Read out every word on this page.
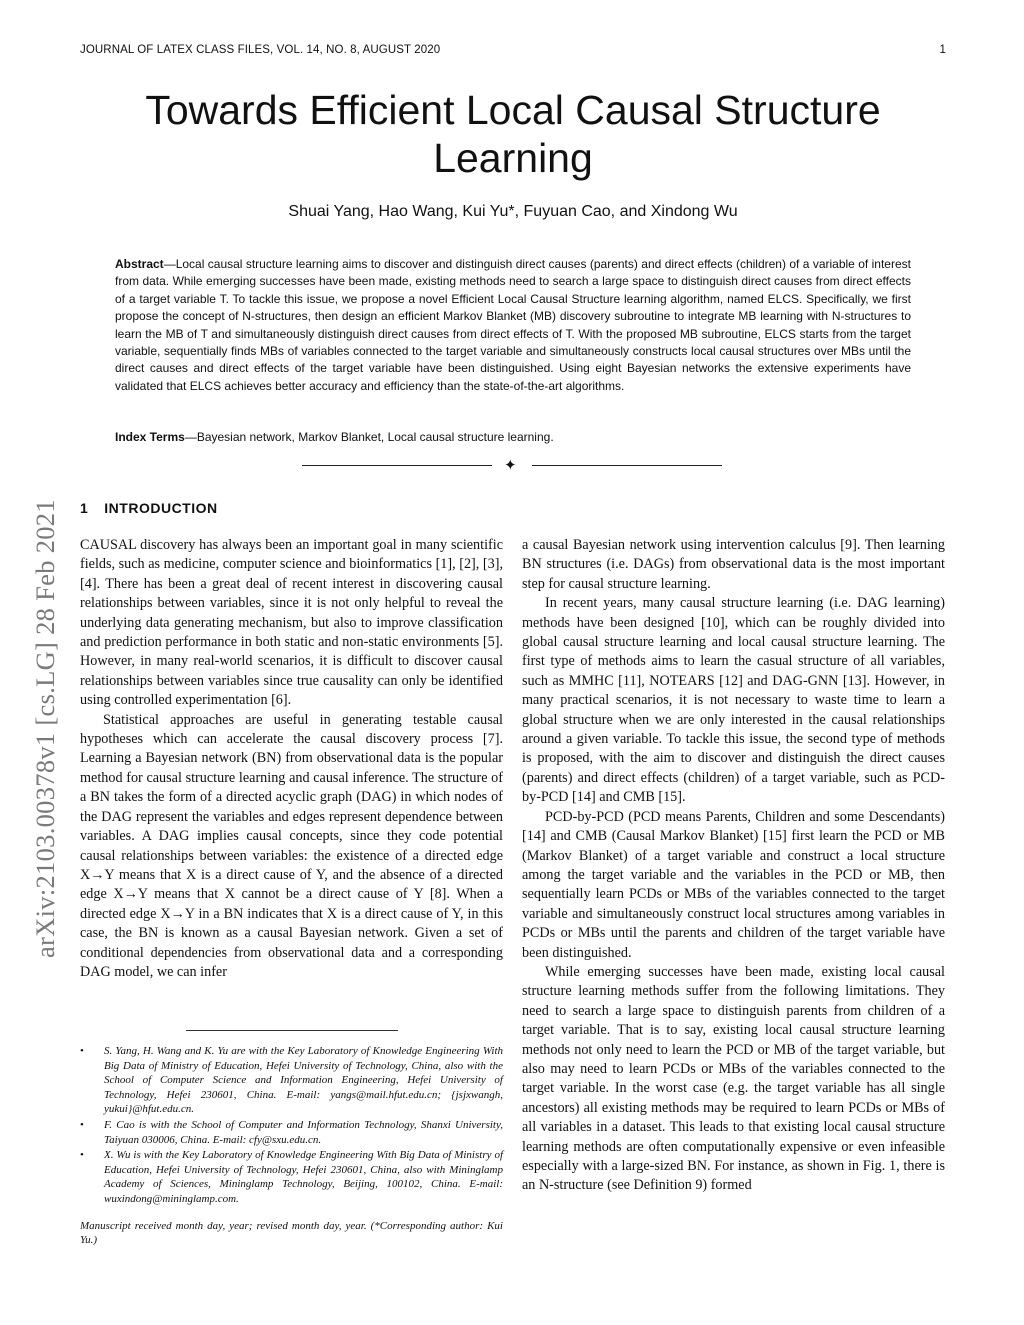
JOURNAL OF LATEX CLASS FILES, VOL. 14, NO. 8, AUGUST 2020	1
arXiv:2103.00378v1 [cs.LG] 28 Feb 2021
Towards Efficient Local Causal Structure Learning
Shuai Yang, Hao Wang, Kui Yu*, Fuyuan Cao, and Xindong Wu

Abstract—Local causal structure learning aims to discover and distinguish direct causes (parents) and direct effects (children) of a variable of interest from data. While emerging successes have been made, existing methods need to search a large space to distinguish direct causes from direct effects of a target variable T. To tackle this issue, we propose a novel Efficient Local Causal Structure learning algorithm, named ELCS. Specifically, we first propose the concept of N-structures, then design an efficient Markov Blanket (MB) discovery subroutine to integrate MB learning with N-structures to learn the MB of T and simultaneously distinguish direct causes from direct effects of T. With the proposed MB subroutine, ELCS starts from the target variable, sequentially finds MBs of variables connected to the target variable and simultaneously constructs local causal structures over MBs until the direct causes and direct effects of the target variable have been distinguished. Using eight Bayesian networks the extensive experiments have validated that ELCS achieves better accuracy and efficiency than the state-of-the-art algorithms.

Index Terms—Bayesian network, Markov Blanket, Local causal structure learning.

✦
1 INTRODUCTION

CAUSAL discovery has always been an important goal in many scientific fields, such as medicine, computer science and bioinformatics [1], [2], [3], [4]. There has been a great deal of recent interest in discovering causal relationships between variables, since it is not only helpful to reveal the underlying data generating mechanism, but also to improve classification and prediction performance in both static and non-static environments [5]. However, in many real-world scenarios, it is difficult to discover causal relationships between variables since true causality can only be identified using controlled experimentation [6].

Statistical approaches are useful in generating testable causal hypotheses which can accelerate the causal discovery process [7]. Learning a Bayesian network (BN) from observational data is the popular method for causal structure learning and causal inference. The structure of a BN takes the form of a directed acyclic graph (DAG) in which nodes of the DAG represent the variables and edges represent dependence between variables. A DAG implies causal concepts, since they code potential causal relationships between variables: the existence of a directed edge X→Y means that X is a direct cause of Y, and the absence of a directed edge X→Y means that X cannot be a direct cause of Y [8]. When a directed edge X→Y in a BN indicates that X is a direct cause of Y, in this case, the BN is known as a causal Bayesian network. Given a set of conditional dependencies from observational data and a corresponding DAG model, we can infer

a causal Bayesian network using intervention calculus [9]. Then learning BN structures (i.e. DAGs) from observational data is the most important step for causal structure learning.

In recent years, many causal structure learning (i.e. DAG learning) methods have been designed [10], which can be roughly divided into global causal structure learning and local causal structure learning. The first type of methods aims to learn the casual structure of all variables, such as MMHC [11], NOTEARS [12] and DAG-GNN [13]. However, in many practical scenarios, it is not necessary to waste time to learn a global structure when we are only interested in the causal relationships around a given variable. To tackle this issue, the second type of methods is proposed, with the aim to discover and distinguish the direct causes (parents) and direct effects (children) of a target variable, such as PCD-by-PCD [14] and CMB [15].

PCD-by-PCD (PCD means Parents, Children and some Descendants) [14] and CMB (Causal Markov Blanket) [15] first learn the PCD or MB (Markov Blanket) of a target variable and construct a local structure among the target variable and the variables in the PCD or MB, then sequentially learn PCDs or MBs of the variables connected to the target variable and simultaneously construct local structures among variables in PCDs or MBs until the parents and children of the target variable have been distinguished.

While emerging successes have been made, existing local causal structure learning methods suffer from the following limitations. They need to search a large space to distinguish parents from children of a target variable. That is to say, existing local causal structure learning methods not only need to learn the PCD or MB of the target variable, but also may need to learn PCDs or MBs of the variables connected to the target variable. In the worst case (e.g. the target variable has all single ancestors) all existing methods may be required to learn PCDs or MBs of all variables in a dataset. This leads to that existing local causal structure learning methods are often computationally expensive or even infeasible especially with a large-sized BN. For instance, as shown in Fig. 1, there is an N-structure (see Definition 9) formed

• S. Yang, H. Wang and K. Yu are with the Key Laboratory of Knowledge Engineering With Big Data of Ministry of Education, Hefei University of Technology, China, also with the School of Computer Science and Information Engineering, Hefei University of Technology, Hefei 230601, China. E-mail: yangs@mail.hfut.edu.cn; {jsjxwangh, yukui}@hfut.edu.cn.

• F. Cao is with the School of Computer and Information Technology, Shanxi University, Taiyuan 030006, China. E-mail: cfy@sxu.edu.cn.

• X. Wu is with the Key Laboratory of Knowledge Engineering With Big Data of Ministry of Education, Hefei University of Technology, Hefei 230601, China, also with Mininglamp Academy of Sciences, Mininglamp Technology, Beijing, 100102, China. E-mail: wuxindong@mininglamp.com.

Manuscript received month day, year; revised month day, year. (*Corresponding author: Kui Yu.)
